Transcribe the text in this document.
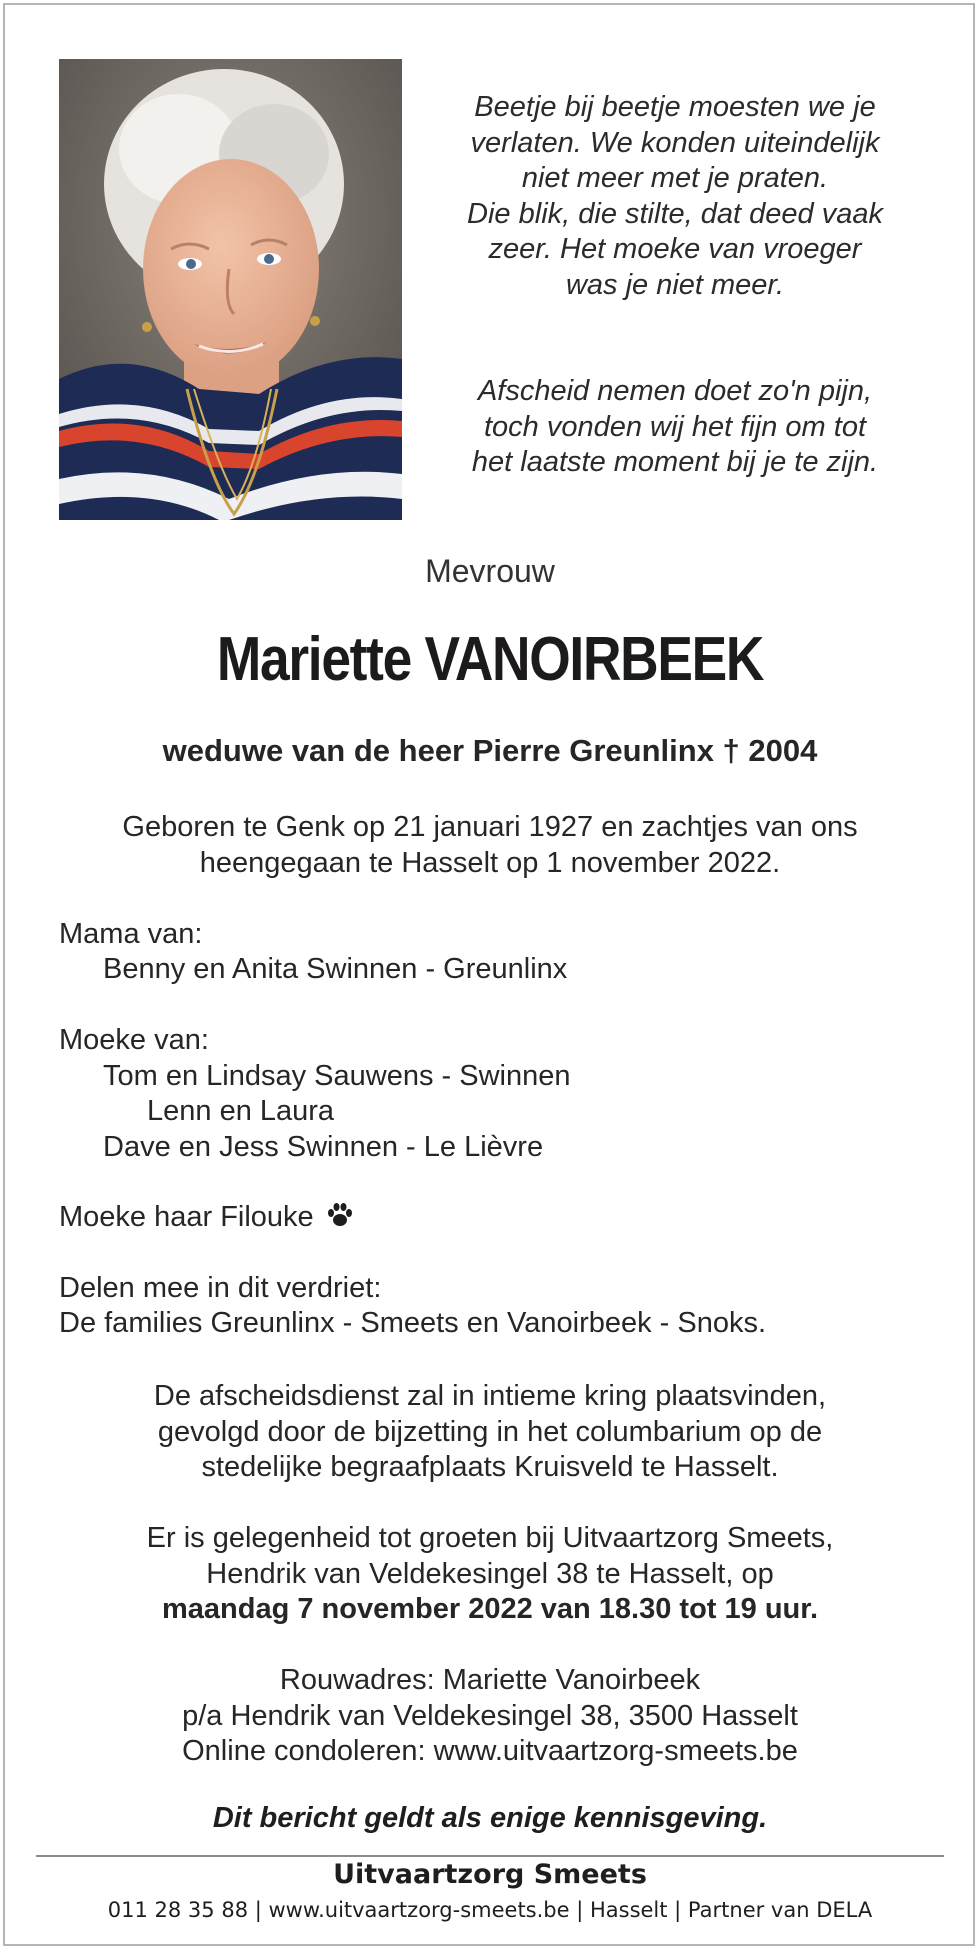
Beetje bij beetje moesten we je
verlaten. We konden uiteindelijk
niet meer met je praten.
Die blik, die stilte, dat deed vaak
zeer. Het moeke van vroeger
was je niet meer.
Afscheid nemen doet zo'n pijn,
toch vonden wij het fijn om tot
het laatste moment bij je te zijn.
Mevrouw
Mariette VANOIRBEEK
weduwe van de heer Pierre Greunlinx † 2004
Geboren te Genk op 21 januari 1927 en zachtjes van ons
heengegaan te Hasselt op 1 november 2022.
Mama van:
Benny en Anita Swinnen - Greunlinx
Moeke van:
Tom en Lindsay Sauwens - Swinnen
Lenn en Laura
Dave en Jess Swinnen - Le Lièvre
Moeke haar Filouke
Delen mee in dit verdriet:
De families Greunlinx - Smeets en Vanoirbeek - Snoks.
De afscheidsdienst zal in intieme kring plaatsvinden,
gevolgd door de bijzetting in het columbarium op de
stedelijke begraafplaats Kruisveld te Hasselt.
Er is gelegenheid tot groeten bij Uitvaartzorg Smeets,
Hendrik van Veldekesingel 38 te Hasselt, op
maandag 7 november 2022 van 18.30 tot 19 uur.
Rouwadres: Mariette Vanoirbeek
p/a Hendrik van Veldekesingel 38, 3500 Hasselt
Online condoleren: www.uitvaartzorg-smeets.be
Dit bericht geldt als enige kennisgeving.
Uitvaartzorg Smeets
011 28 35 88 | www.uitvaartzorg-smeets.be | Hasselt | Partner van DELA
